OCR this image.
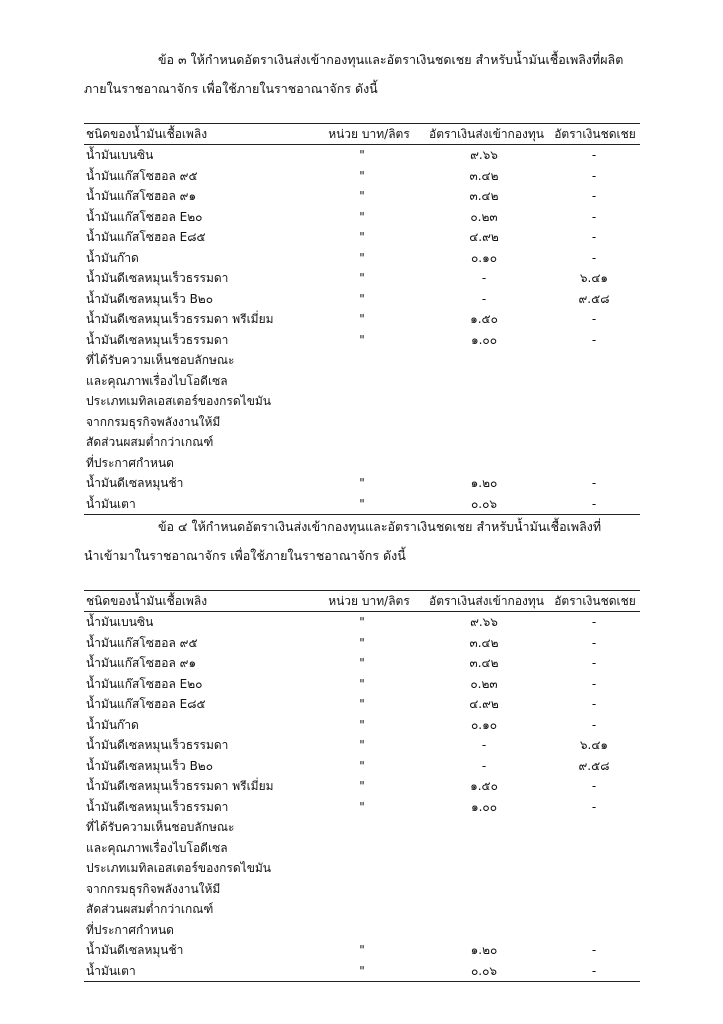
ข้อ ๓ ให้กำหนดอัตราเงินส่งเข้ากองทุนและอัตราเงินชดเชย สำหรับน้ำมันเชื้อเพลิงที่ผลิต
ภายในราชอาณาจักร เพื่อใช้ภายในราชอาณาจักร ดังนี้
ชนิดของน้ำมันเชื้อเพลิง	หน่วย บาท/ลิตร	อัตราเงินส่งเข้ากองทุน อัตราเงินชดเชย
น้ำมันเบนซิน	"	๙.๖๖	-
น้ำมันแก๊สโซฮอล ๙๕	"	๓.๔๒	-
น้ำมันแก๊สโซฮอล ๙๑	"	๓.๔๒	-
น้ำมันแก๊สโซฮอล E๒๐	"	๐.๒๓	-
น้ำมันแก๊สโซฮอล E๘๕	"	๔.๙๒	-
น้ำมันก๊าด	"	๐.๑๐	-
น้ำมันดีเซลหมุนเร็วธรรมดา	"	-	๖.๔๑
น้ำมันดีเซลหมุนเร็ว B๒๐	"	-	๙.๕๘
น้ำมันดีเซลหมุนเร็วธรรมดา พรีเมี่ยม	"	๑.๕๐	-
น้ำมันดีเซลหมุนเร็วธรรมดา	"	๑.๐๐	-
ที่ได้รับความเห็นชอบลักษณะ
และคุณภาพเรื่องไบโอดีเซล
ประเภทเมทิลเอสเตอร์ของกรดไขมัน
จากกรมธุรกิจพลังงานให้มี
สัดส่วนผสมต่ำกว่าเกณฑ์
ที่ประกาศกำหนด
น้ำมันดีเซลหมุนช้า	"	๑.๒๐	-
น้ำมันเตา	"	๐.๐๖	-
ข้อ ๔ ให้กำหนดอัตราเงินส่งเข้ากองทุนและอัตราเงินชดเชย สำหรับน้ำมันเชื้อเพลิงที่
นำเข้ามาในราชอาณาจักร เพื่อใช้ภายในราชอาณาจักร ดังนี้
ชนิดของน้ำมันเชื้อเพลิง	หน่วย บาท/ลิตร	อัตราเงินส่งเข้ากองทุน อัตราเงินชดเชย
น้ำมันเบนซิน	"	๙.๖๖	-
น้ำมันแก๊สโซฮอล ๙๕	"	๓.๔๒	-
น้ำมันแก๊สโซฮอล ๙๑	"	๓.๔๒	-
น้ำมันแก๊สโซฮอล E๒๐	"	๐.๒๓	-
น้ำมันแก๊สโซฮอล E๘๕	"	๔.๙๒	-
น้ำมันก๊าด	"	๐.๑๐	-
น้ำมันดีเซลหมุนเร็วธรรมดา	"	-	๖.๔๑
น้ำมันดีเซลหมุนเร็ว B๒๐	"	-	๙.๕๘
น้ำมันดีเซลหมุนเร็วธรรมดา พรีเมี่ยม	"	๑.๕๐	-
น้ำมันดีเซลหมุนเร็วธรรมดา	"	๑.๐๐	-
ที่ได้รับความเห็นชอบลักษณะ
และคุณภาพเรื่องไบโอดีเซล
ประเภทเมทิลเอสเตอร์ของกรดไขมัน
จากกรมธุรกิจพลังงานให้มี
สัดส่วนผสมต่ำกว่าเกณฑ์
ที่ประกาศกำหนด
น้ำมันดีเซลหมุนช้า	"	๑.๒๐	-
น้ำมันเตา	"	๐.๐๖	-
